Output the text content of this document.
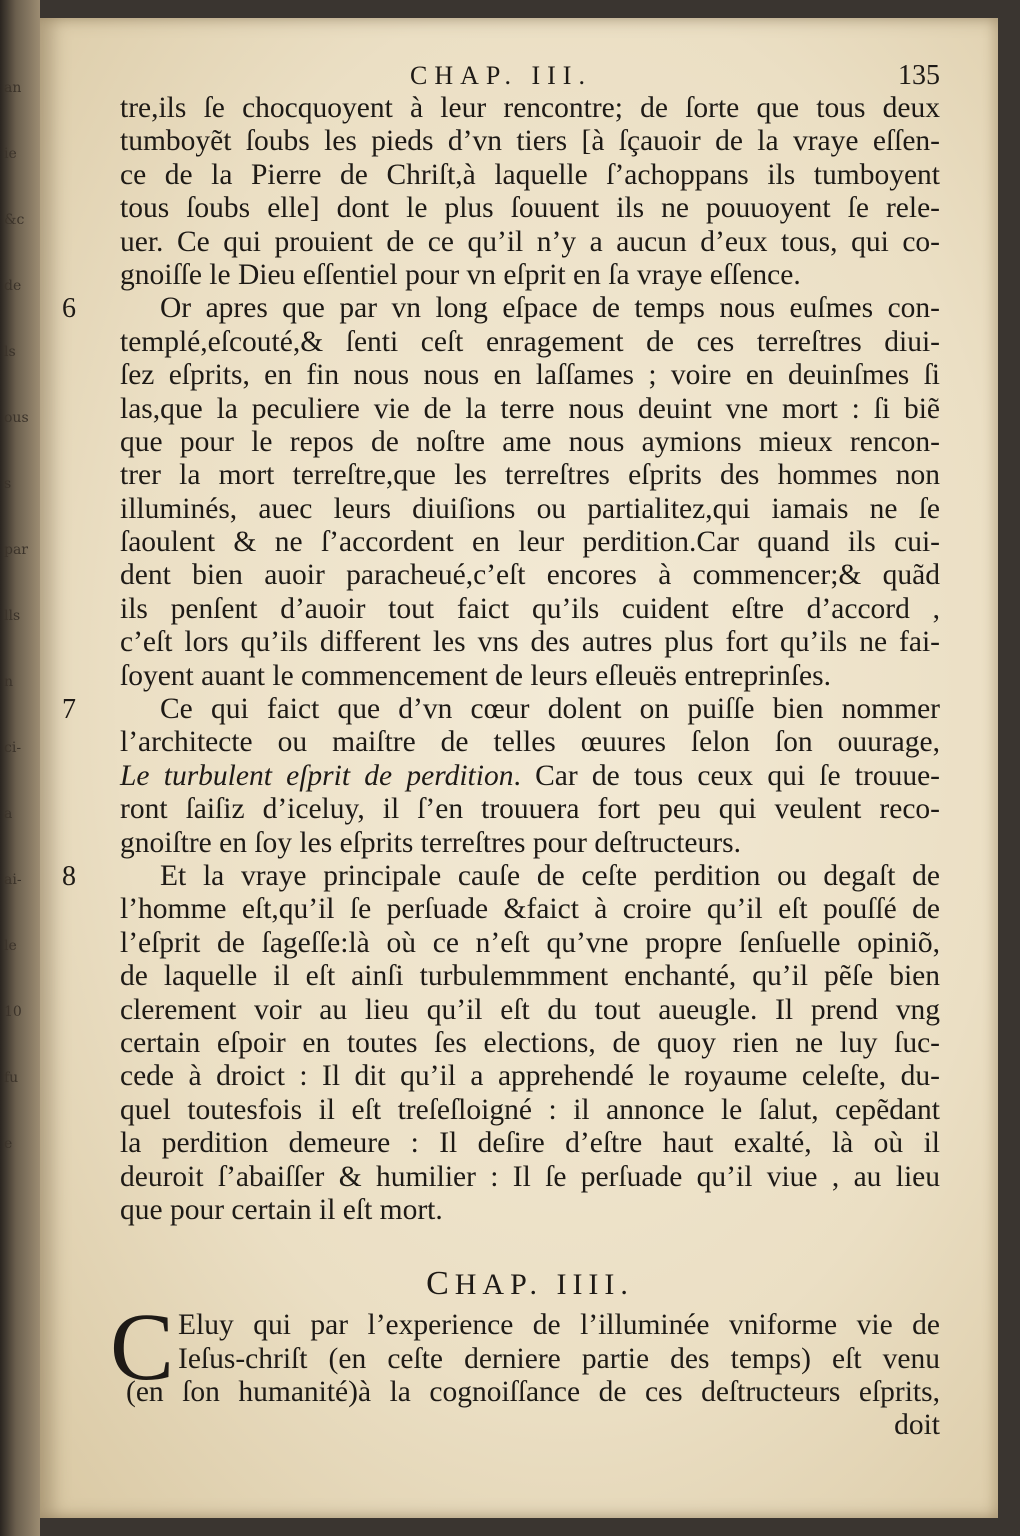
an
ie
&c
de
ls
ous
s
par
lls
n
ci-
a
ai-
le
10
fu
e
CHAP. III.	135
tre,ils ſe chocquoyent à leur rencontre; de ſorte que tous deux
tumboyẽt ſoubs les pieds d’vn tiers [à ſçauoir de la vraye eſſen-
ce de la Pierre de Chriſt,à laquelle ſ’achoppans ils tumboyent
tous ſoubs elle] dont le plus ſouuent ils ne pouuoyent ſe rele-
uer. Ce qui prouient de ce qu’il n’y a aucun d’eux tous, qui co-
gnoiſſe le Dieu eſſentiel pour vn eſprit en ſa vraye eſſence.
6	Or apres que par vn long eſpace de temps nous euſmes con-
templé,eſcouté,& ſenti ceſt enragement de ces terreſtres diui-
ſez eſprits, en fin nous nous en laſſames ; voire en deuinſmes ſi
las,que la peculiere vie de la terre nous deuint vne mort : ſi biẽ
que pour le repos de noſtre ame nous aymions mieux rencon-
trer la mort terreſtre,que les terreſtres eſprits des hommes non
illuminés, auec leurs diuiſions ou partialitez,qui iamais ne ſe
ſaoulent & ne ſ’accordent en leur perdition.Car quand ils cui-
dent bien auoir paracheué,c’eſt encores à commencer;& quãd
ils penſent d’auoir tout faict qu’ils cuident eſtre d’accord ,
c’eſt lors qu’ils different les vns des autres plus fort qu’ils ne fai-
ſoyent auant le commencement de leurs eſleuës entreprinſes.
7	Ce qui faict que d’vn cœur dolent on puiſſe bien nommer
l’architecte ou maiſtre de telles œuures ſelon ſon ouurage,
Le turbulent eſprit de perdition. Car de tous ceux qui ſe trouue-
ront ſaiſiz d’iceluy, il ſ’en trouuera fort peu qui veulent reco-
gnoiſtre en ſoy les eſprits terreſtres pour deſtructeurs.
8	Et la vraye principale cauſe de ceſte perdition ou degaſt de
l’homme eſt,qu’il ſe perſuade &faict à croire qu’il eſt pouſſé de
l’eſprit de ſageſſe:là où ce n’eſt qu’vne propre ſenſuelle opiniõ,
de laquelle il eſt ainſi turbulemmment enchanté, qu’il pẽſe bien
clerement voir au lieu qu’il eſt du tout aueugle. Il prend vng
certain eſpoir en toutes ſes elections, de quoy rien ne luy ſuc-
cede à droict : Il dit qu’il a apprehendé le royaume celeſte, du-
quel toutesfois il eſt treſeſloigné : il annonce le ſalut, cepẽdant
la perdition demeure : Il deſire d’eſtre haut exalté, là où il
deuroit ſ’abaiſſer & humilier : Il ſe perſuade qu’il viue , au lieu
que pour certain il eſt mort.
CHAP. IIII.
C Eluy qui par l’experience de l’illuminée vniforme vie de
Ieſus-chriſt (en ceſte derniere partie des temps) eſt venu
(en ſon humanité)à la cognoiſſance de ces deſtructeurs eſprits,
doit
